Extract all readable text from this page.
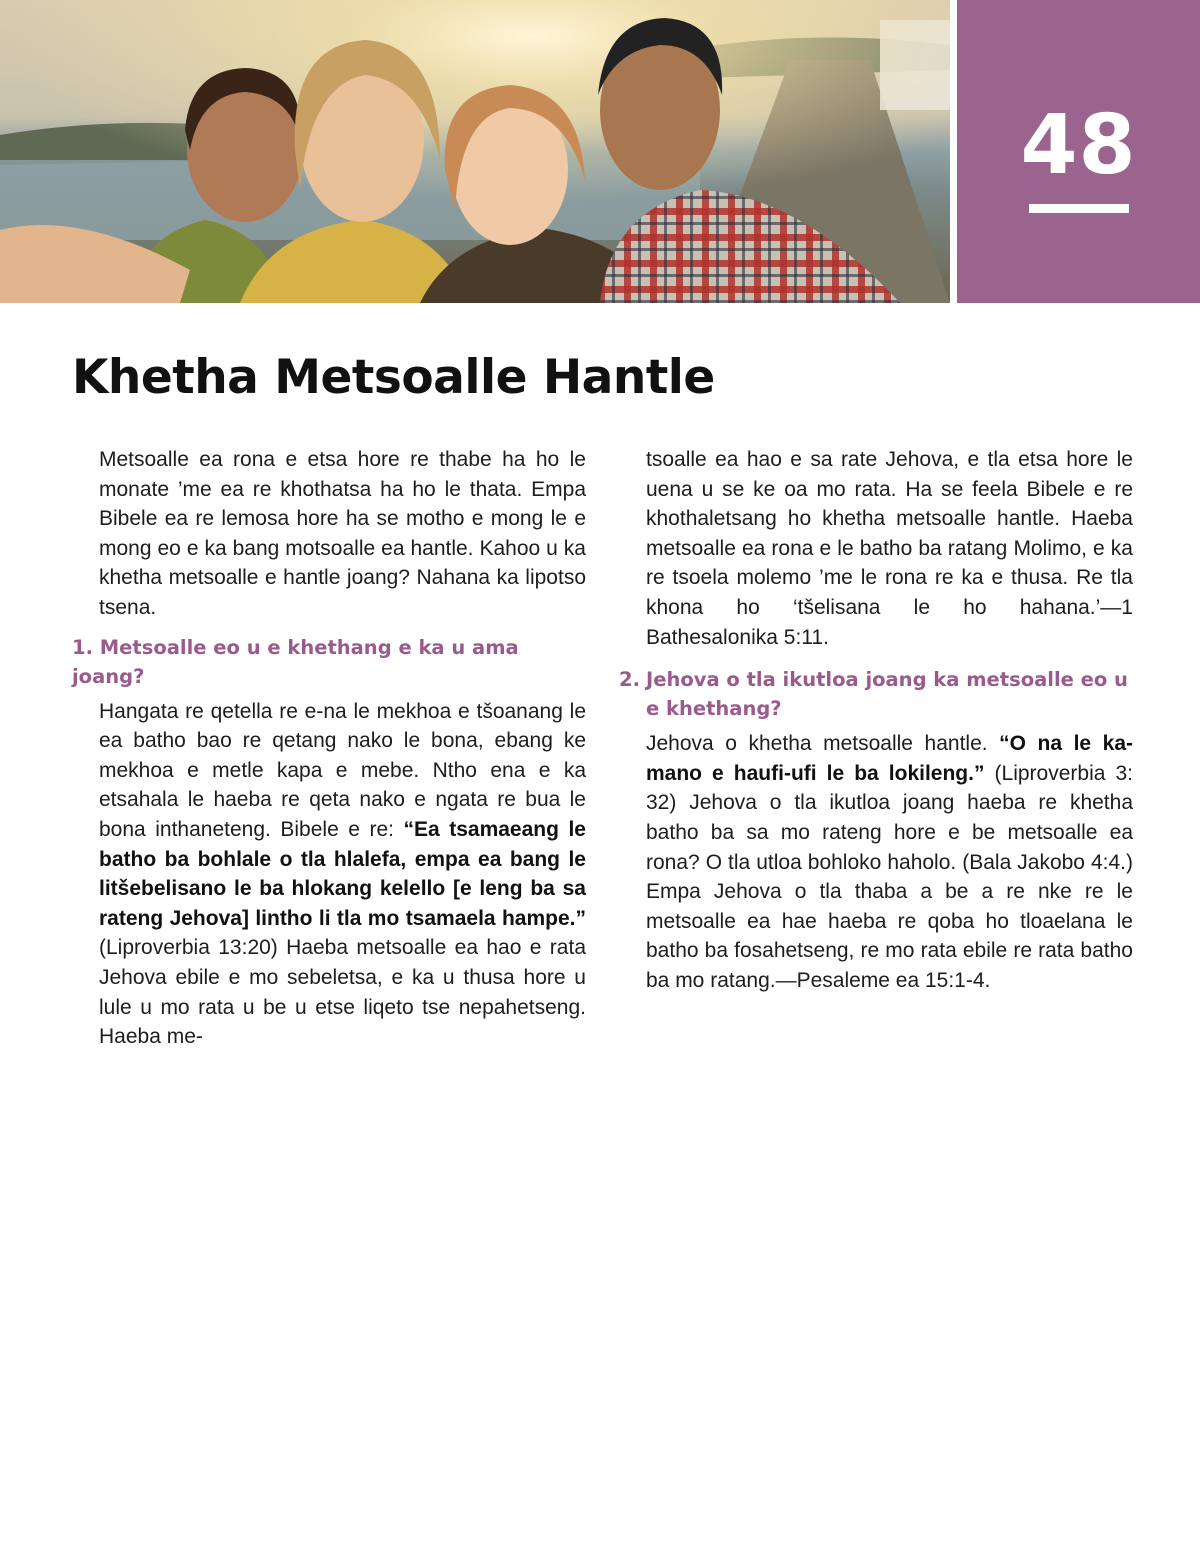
48
Khetha Metsoalle Hantle

Metsoalle ea rona e etsa hore re thabe ha ho le monate ’me ea re khothatsa ha ho le thata. Empa Bibele ea re lemosa hore ha se motho e mong le e mong eo e ka bang motsoalle ea hantle. Kahoo u ka khetha metsoalle e hantle joang? Nahana ka lipotso tsena.

1. Metsoalle eo u e khethang e ka u ama joang?

Hangata re qetella re e-na le mekhoa e tšoanang le ea batho bao re qetang nako le bona, ebang ke mekhoa e metle kapa e mebe. Ntho ena e ka etsahala le haeba re qeta nako e ngata re bua le bona inthaneteng. Bibele e re: “Ea tsamaeang le batho ba bohlale o tla hlalefa, empa ea bang le litšebelisano le ba hlokang kelello [e leng ba sa rateng Jehova] lintho li tla mo tsamaela hampe.” (Liproverbia 13:20) Haeba metsoalle ea hao e rata Jehova ebile e mo sebeletsa, e ka u thusa hore u lule u mo rata u be u etse liqeto tse nepahetseng. Haeba me-

tsoalle ea hao e sa rate Jehova, e tla etsa hore le uena u se ke oa mo rata. Ha se feela Bibele e re khothaletsang ho khetha metsoalle hantle. Haeba metsoalle ea rona e le batho ba ratang Molimo, e ka re tsoela molemo ’me le rona re ka e thusa. Re tla khona ho ‘tšelisana le ho hahana.’—1 Bathesalonika 5:11.

2. Jehova o tla ikutloa joang ka metsoalle eo u e khethang?

Jehova o khetha metsoalle hantle. “O na le kamano e haufi-ufi le ba lokileng.” (Liproverbia 3: 32) Jehova o tla ikutloa joang haeba re khetha batho ba sa mo rateng hore e be metsoalle ea rona? O tla utloa bohloko haholo. (Bala Jakobo 4:4.) Empa Jehova o tla thaba a be a re nke re le metsoalle ea hae haeba re qoba ho tloaelana le batho ba fosahetseng, re mo rata ebile re rata batho ba mo ratang.—Pesaleme ea 15:1-4.
